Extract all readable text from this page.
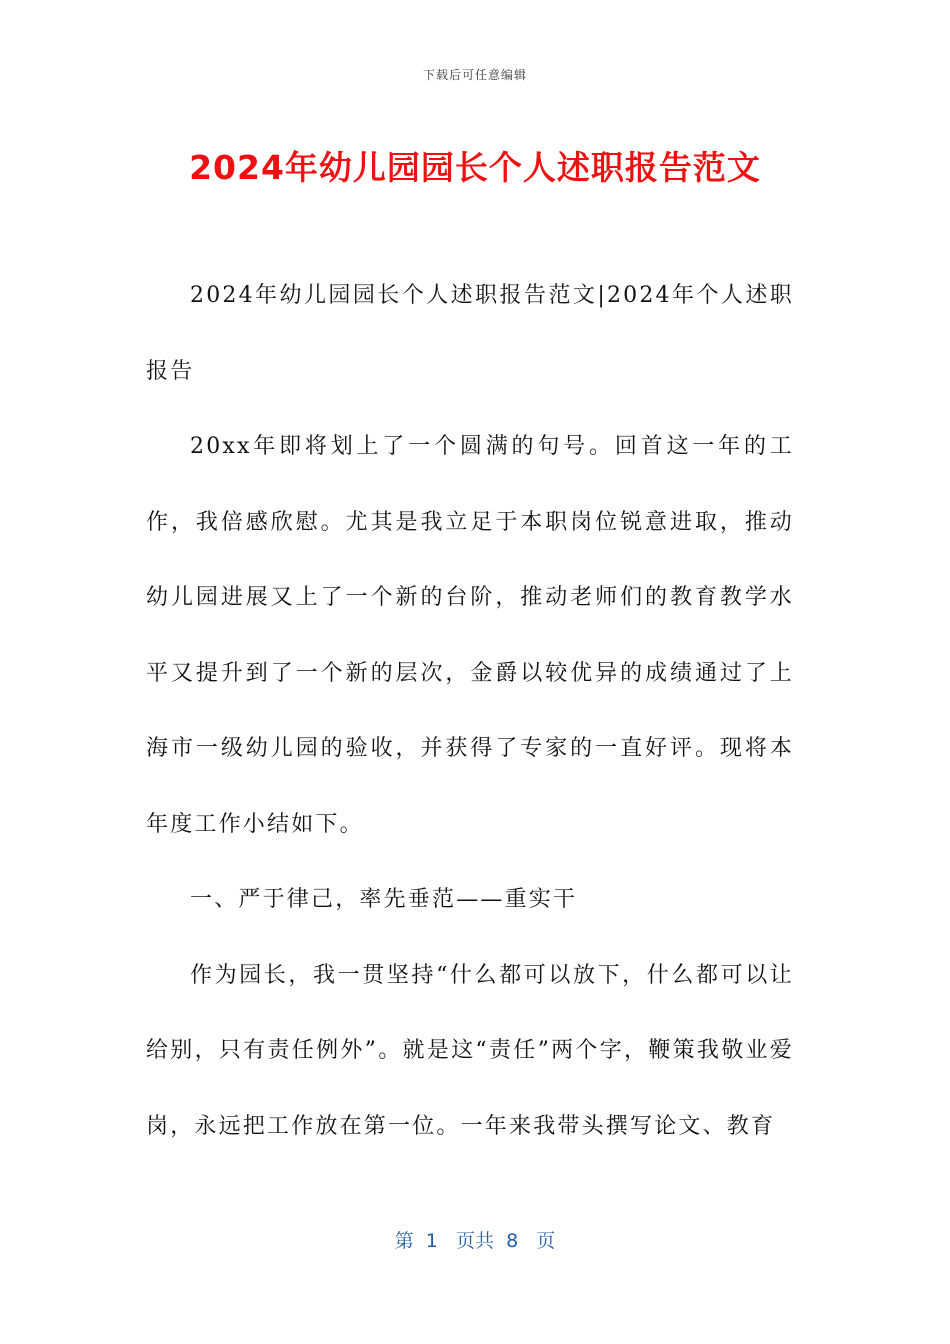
下载后可任意编辑
2024年幼儿园园长个人述职报告范文

2024年幼儿园园长个人述职报告范文|2024年个人述职报告

20xx年即将划上了一个圆满的句号。回首这一年的工作，我倍感欣慰。尤其是我立足于本职岗位锐意进取，推动幼儿园进展又上了一个新的台阶，推动老师们的教育教学水平又提升到了一个新的层次，金爵以较优异的成绩通过了上海市一级幼儿园的验收，并获得了专家的一直好评。现将本年度工作小结如下。

一、严于律己，率先垂范——重实干

作为园长，我一贯坚持“什么都可以放下，什么都可以让给别，只有责任例外”。就是这“责任”两个字，鞭策我敬业爱岗，永远把工作放在第一位。一年来我带头撰写论文、教育

第  1   页共  8   页
